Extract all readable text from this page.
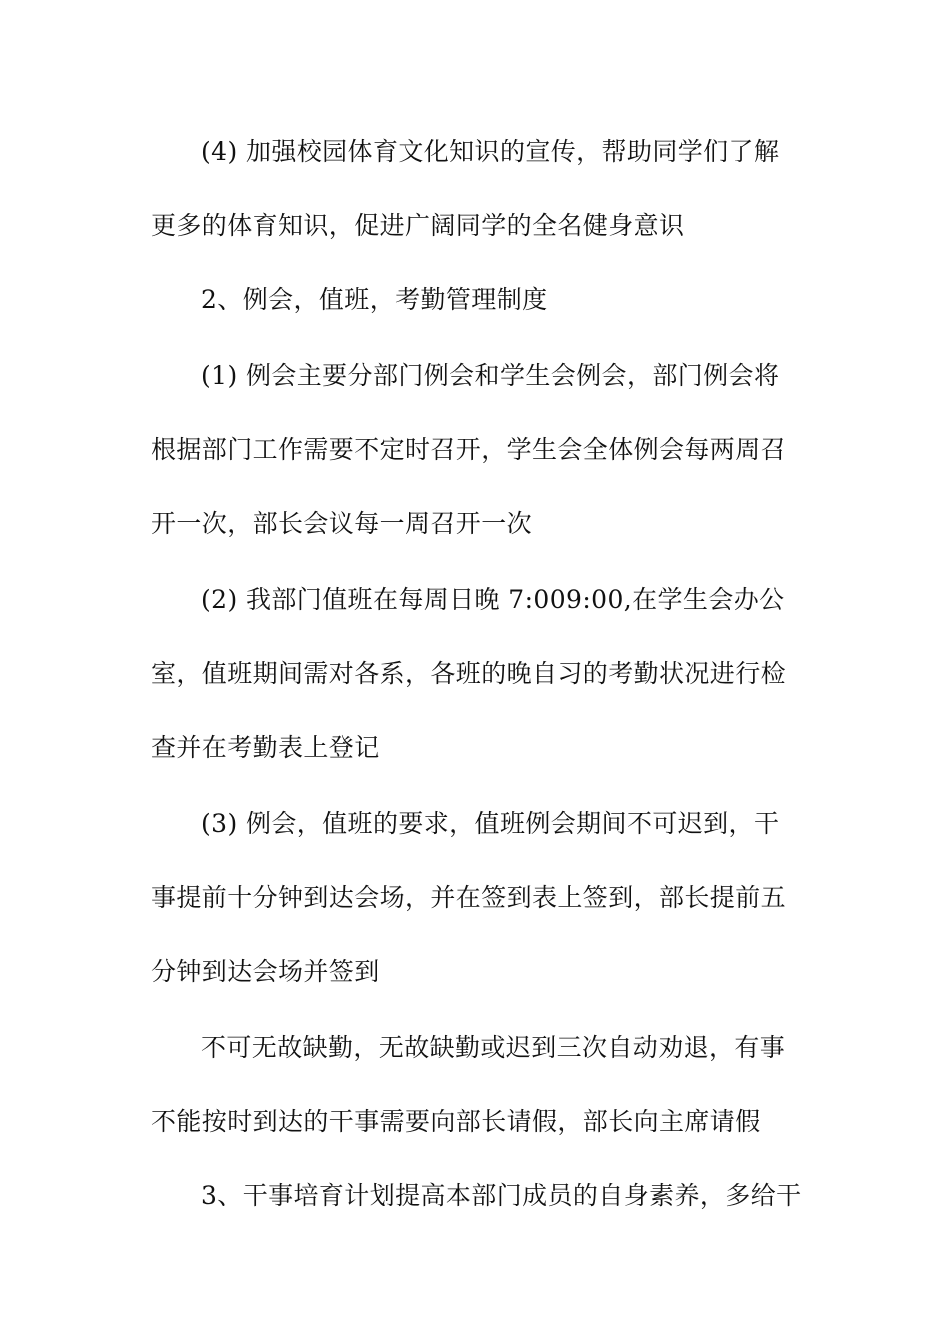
(4) 加强校园体育文化知识的宣传，帮助同学们了解
更多的体育知识，促进广阔同学的全名健身意识
2、例会，值班，考勤管理制度
(1) 例会主要分部门例会和学生会例会，部门例会将
根据部门工作需要不定时召开，学生会全体例会每两周召
开一次，部长会议每一周召开一次
(2) 我部门值班在每周日晚 7:009:00,在学生会办公
室，值班期间需对各系，各班的晚自习的考勤状况进行检
查并在考勤表上登记
(3) 例会，值班的要求，值班例会期间不可迟到，干
事提前十分钟到达会场，并在签到表上签到，部长提前五
分钟到达会场并签到
不可无故缺勤，无故缺勤或迟到三次自动劝退，有事
不能按时到达的干事需要向部长请假，部长向主席请假
3、干事培育计划提高本部门成员的自身素养，多给干
